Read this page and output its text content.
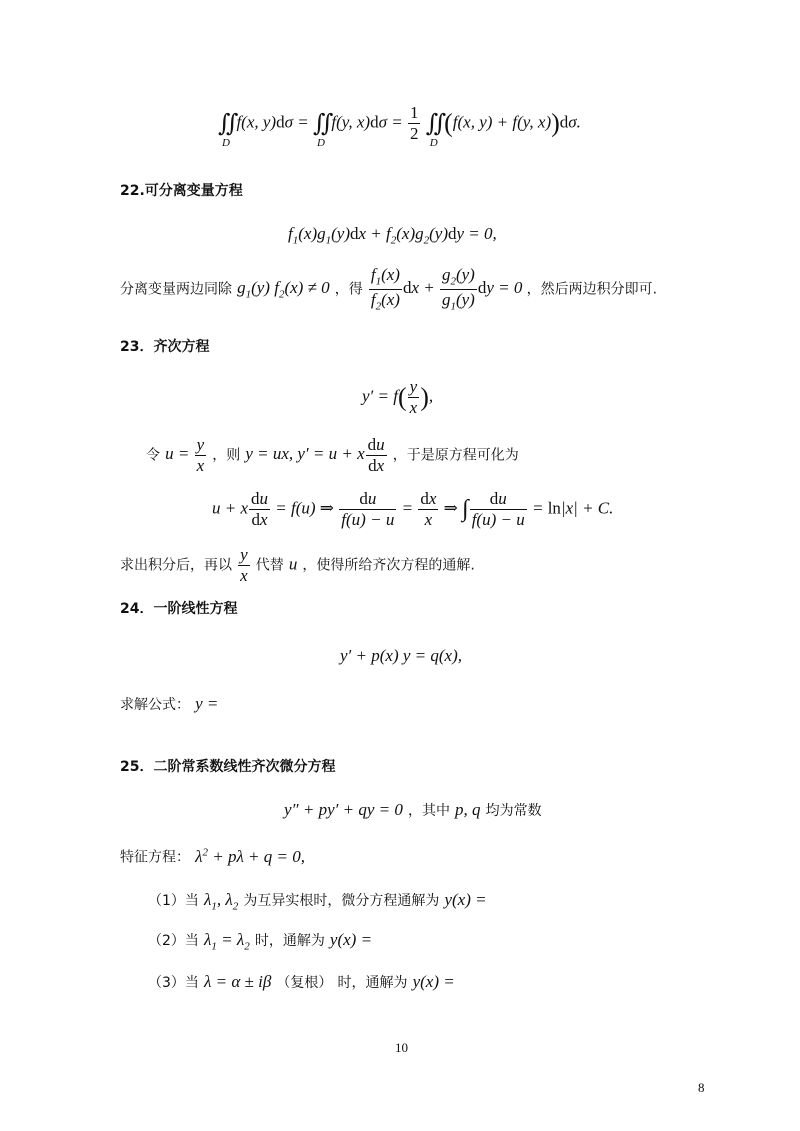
∬
D
f(x, y)dσ = ∬
D
f(y, $x)d\sigma = \frac{1}{2}$ ∬
D
(f(x, y) + f(y, x))dσ.
22.可分离变量方程
$f_1(x)g_1(y)dx + f_2(x)g_2(y)dy = 0$,
分离变量两边同除 $g_1(y) f_2(x) \ne 0$ ，得 $\frac{f_1(x)}{f_2(x)}$ dx + $\frac{g_2(y)}{g_1(y)}$ dy = 0 ，然后两边积分即可.
23．齐次方程
$y' = f( \frac{y}{x}$ ),
令 $u = \frac{y}{x}$ ，则 y = ux, y′ = u + x $\frac{du}{dx}$ ，于是原方程可化为
u + x $\frac{du}{dx} = f(u)$ ⇒ $\frac{du}{f(u) - u} = \frac{dx}{x}$ ⇒ ∫ $\frac{du}{f(u) - u} = \ln|x| + C$.
求出积分后，再以 $\frac{y}{x}$ 代替 u ，使得所给齐次方程的通解.
24．一阶线性方程
y′ + p(x) y = q(x),
求解公式： y =
25．二阶常系数线性齐次微分方程
y″ + py′ + qy = 0 ，其中 p, q 均为常数
特征方程： $\lambda^2 + p\lambda + q = 0$,
（1）当 $\lambda_1$, $\lambda_2$ 为互异实根时，微分方程通解为 y(x) =
（2）当 $\lambda_1 = \lambda_2$ 时，通解为 y(x) =
（3）当 λ = α ± iβ （复根） 时，通解为 y(x) =
10
8
